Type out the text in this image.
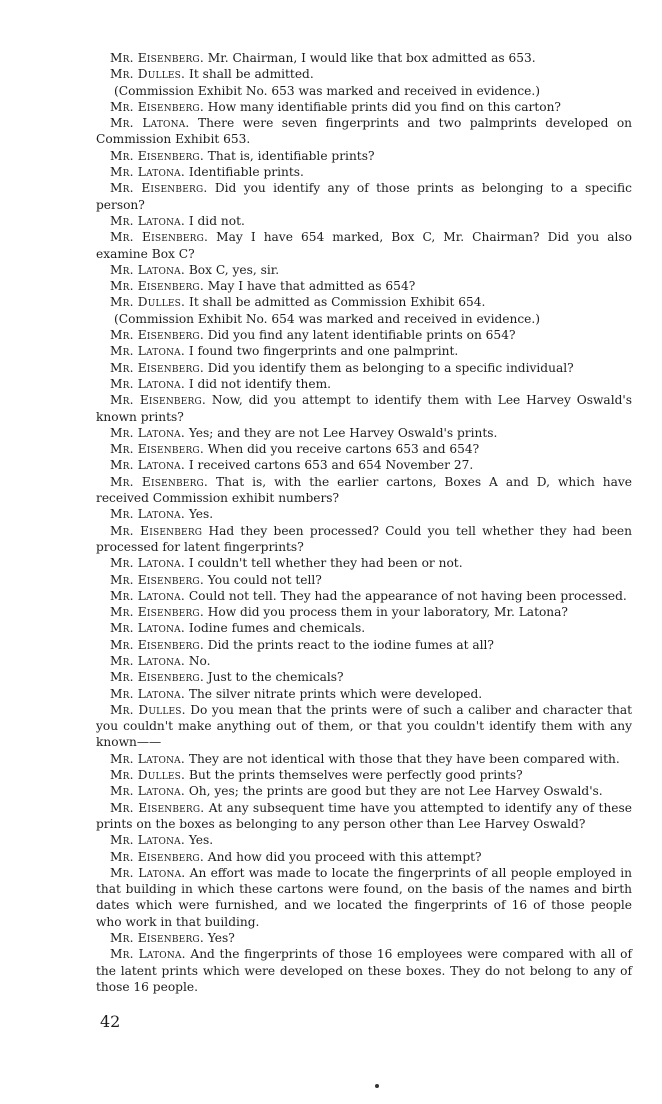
Mr. Eisenberg. Mr. Chairman, I would like that box admitted as 653.

Mr. Dulles. It shall be admitted.

(Commission Exhibit No. 653 was marked and received in evidence.)

Mr. Eisenberg. How many identifiable prints did you find on this carton?

Mr. Latona. There were seven fingerprints and two palmprints developed on Commission Exhibit 653.

Mr. Eisenberg. That is, identifiable prints?

Mr. Latona. Identifiable prints.

Mr. Eisenberg. Did you identify any of those prints as belonging to a specific person?

Mr. Latona. I did not.

Mr. Eisenberg. May I have 654 marked, Box C, Mr. Chairman? Did you also examine Box C?

Mr. Latona. Box C, yes, sir.

Mr. Eisenberg. May I have that admitted as 654?

Mr. Dulles. It shall be admitted as Commission Exhibit 654.

(Commission Exhibit No. 654 was marked and received in evidence.)

Mr. Eisenberg. Did you find any latent identifiable prints on 654?

Mr. Latona. I found two fingerprints and one palmprint.

Mr. Eisenberg. Did you identify them as belonging to a specific individual?

Mr. Latona. I did not identify them.

Mr. Eisenberg. Now, did you attempt to identify them with Lee Harvey Oswald's known prints?

Mr. Latona. Yes; and they are not Lee Harvey Oswald's prints.

Mr. Eisenberg. When did you receive cartons 653 and 654?

Mr. Latona. I received cartons 653 and 654 November 27.

Mr. Eisenberg. That is, with the earlier cartons, Boxes A and D, which have received Commission exhibit numbers?

Mr. Latona. Yes.

Mr. Eisenberg Had they been processed? Could you tell whether they had been processed for latent fingerprints?

Mr. Latona. I couldn't tell whether they had been or not.

Mr. Eisenberg. You could not tell?

Mr. Latona. Could not tell. They had the appearance of not having been processed.

Mr. Eisenberg. How did you process them in your laboratory, Mr. Latona?

Mr. Latona. Iodine fumes and chemicals.

Mr. Eisenberg. Did the prints react to the iodine fumes at all?

Mr. Latona. No.

Mr. Eisenberg. Just to the chemicals?

Mr. Latona. The silver nitrate prints which were developed.

Mr. Dulles. Do you mean that the prints were of such a caliber and character that you couldn't make anything out of them, or that you couldn't identify them with any known——

Mr. Latona. They are not identical with those that they have been compared with.

Mr. Dulles. But the prints themselves were perfectly good prints?

Mr. Latona. Oh, yes; the prints are good but they are not Lee Harvey Oswald's.

Mr. Eisenberg. At any subsequent time have you attempted to identify any of these prints on the boxes as belonging to any person other than Lee Harvey Oswald?

Mr. Latona. Yes.

Mr. Eisenberg. And how did you proceed with this attempt?

Mr. Latona. An effort was made to locate the fingerprints of all people employed in that building in which these cartons were found, on the basis of the names and birth dates which were furnished, and we located the fingerprints of 16 of those people who work in that building.

Mr. Eisenberg. Yes?

Mr. Latona. And the fingerprints of those 16 employees were compared with all of the latent prints which were developed on these boxes. They do not belong to any of those 16 people.

42
